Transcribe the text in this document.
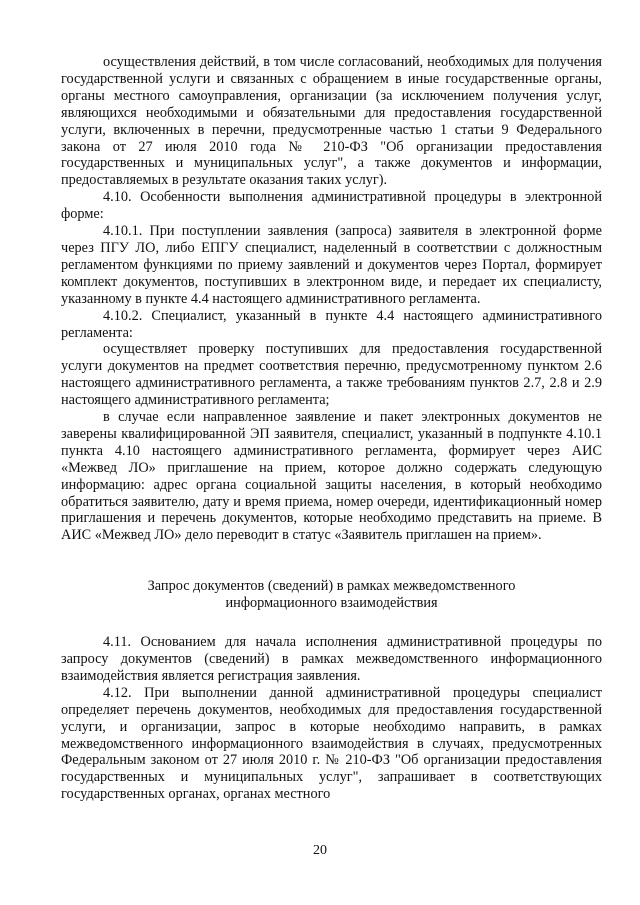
осуществления действий, в том числе согласований, необходимых для получения государственной услуги и связанных с обращением в иные государственные органы, органы местного самоуправления, организации (за исключением получения услуг, являющихся необходимыми и обязательными для предоставления государственной услуги, включенных в перечни, предусмотренные частью 1 статьи 9 Федерального закона от 27 июля 2010 года № 210-ФЗ "Об организации предоставления государственных и муниципальных услуг", а также документов и информации, предоставляемых в результате оказания таких услуг).

4.10. Особенности выполнения административной процедуры в электронной форме:

4.10.1. При поступлении заявления (запроса) заявителя в электронной форме через ПГУ ЛО, либо ЕПГУ специалист, наделенный в соответствии с должностным регламентом функциями по приему заявлений и документов через Портал, формирует комплект документов, поступивших в электронном виде, и передает их специалисту, указанному в пункте 4.4 настоящего административного регламента.

4.10.2. Специалист, указанный в пункте 4.4 настоящего административного регламента:

осуществляет проверку поступивших для предоставления государственной услуги документов на предмет соответствия перечню, предусмотренному пунктом 2.6 настоящего административного регламента, а также требованиям пунктов 2.7, 2.8 и 2.9 настоящего административного регламента;

в случае если направленное заявление и пакет электронных документов не заверены квалифицированной ЭП заявителя, специалист, указанный в подпункте 4.10.1 пункта 4.10 настоящего административного регламента, формирует через АИС «Межвед ЛО» приглашение на прием, которое должно содержать следующую информацию: адрес органа социальной защиты населения, в который необходимо обратиться заявителю, дату и время приема, номер очереди, идентификационный номер приглашения и перечень документов, которые необходимо представить на приеме. В АИС «Межвед ЛО» дело переводит в статус «Заявитель приглашен на прием».

Запрос документов (сведений) в рамках межведомственного
информационного взаимодействия

4.11. Основанием для начала исполнения административной процедуры по запросу документов (сведений) в рамках межведомственного информационного взаимодействия является регистрация заявления.

4.12. При выполнении данной административной процедуры специалист определяет перечень документов, необходимых для предоставления государственной услуги, и организации, запрос в которые необходимо направить, в рамках межведомственного информационного взаимодействия в случаях, предусмотренных Федеральным законом от 27 июля 2010 г. № 210-ФЗ "Об организации предоставления государственных и муниципальных услуг", запрашивает в соответствующих государственных органах, органах местного

20
